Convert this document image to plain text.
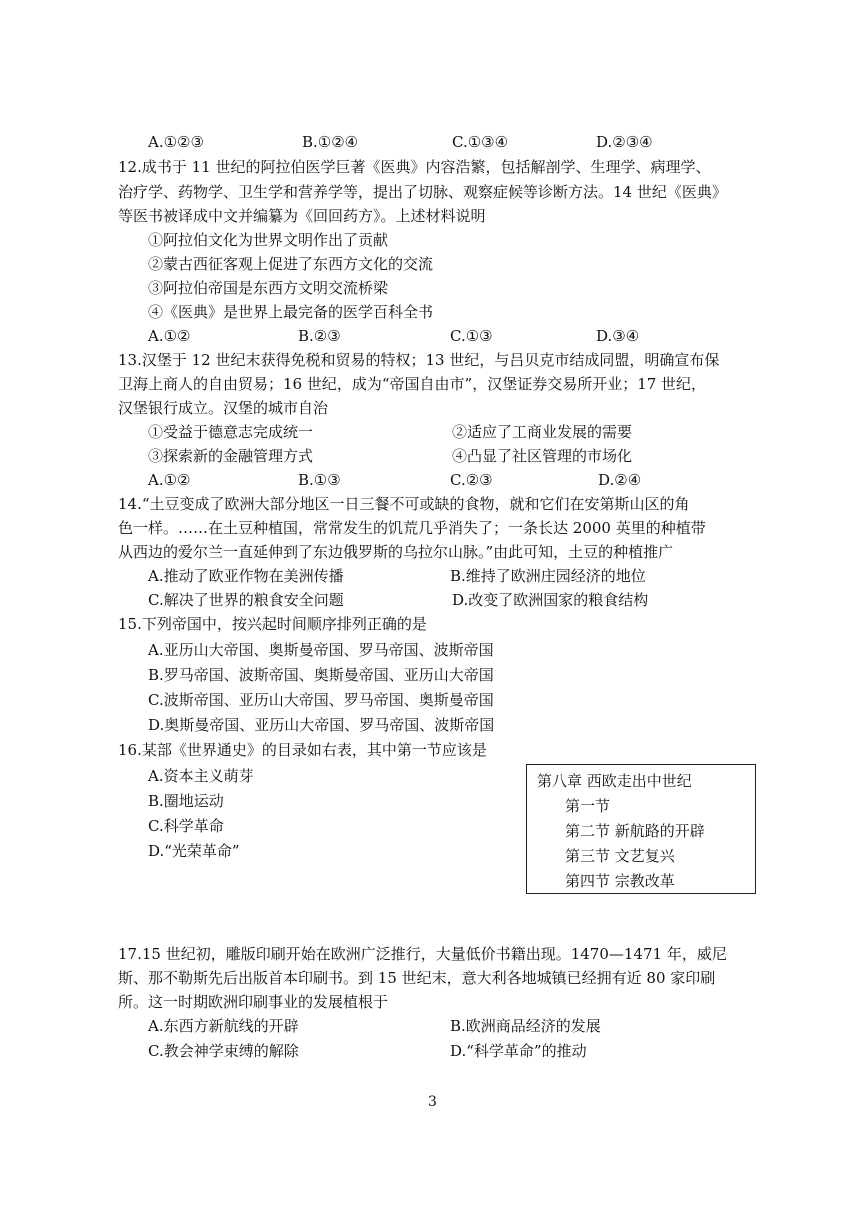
A.①②③	B.①②④	C.①③④	D.②③④
12.成书于 11 世纪的阿拉伯医学巨著《医典》内容浩繁，包括解剖学、生理学、病理学、
治疗学、药物学、卫生学和营养学等，提出了切脉、观察症候等诊断方法。14 世纪《医典》
等医书被译成中文并编纂为《回回药方》。上述材料说明
①阿拉伯文化为世界文明作出了贡献
②蒙古西征客观上促进了东西方文化的交流
③阿拉伯帝国是东西方文明交流桥梁
④《医典》是世界上最完备的医学百科全书
A.①②	B.②③	C.①③	D.③④
13.汉堡于 12 世纪末获得免税和贸易的特权；13 世纪，与吕贝克市结成同盟，明确宣布保
卫海上商人的自由贸易；16 世纪，成为“帝国自由市”，汉堡证券交易所开业；17 世纪，
汉堡银行成立。汉堡的城市自治
①受益于德意志完成统一	②适应了工商业发展的需要
③探索新的金融管理方式	④凸显了社区管理的市场化
A.①②	B.①③	C.②③	D.②④
14.“土豆变成了欧洲大部分地区一日三餐不可或缺的食物，就和它们在安第斯山区的角
色一样。……在土豆种植国，常常发生的饥荒几乎消失了；一条长达 2000 英里的种植带
从西边的爱尔兰一直延伸到了东边俄罗斯的乌拉尔山脉。”由此可知，土豆的种植推广
A.推动了欧亚作物在美洲传播	B.维持了欧洲庄园经济的地位
C.解决了世界的粮食安全问题	D.改变了欧洲国家的粮食结构
15.下列帝国中，按兴起时间顺序排列正确的是
A.亚历山大帝国、奥斯曼帝国、罗马帝国、波斯帝国
B.罗马帝国、波斯帝国、奥斯曼帝国、亚历山大帝国
C.波斯帝国、亚历山大帝国、罗马帝国、奥斯曼帝国
D.奥斯曼帝国、亚历山大帝国、罗马帝国、波斯帝国
16.某部《世界通史》的目录如右表，其中第一节应该是
A.资本主义萌芽
B.圈地运动
C.科学革命
D.“光荣革命”
第八章 西欧走出中世纪
第一节
第二节 新航路的开辟
第三节 文艺复兴
第四节 宗教改革
17.15 世纪初，雕版印刷开始在欧洲广泛推行，大量低价书籍出现。1470—1471 年，威尼
斯、那不勒斯先后出版首本印刷书。到 15 世纪末，意大利各地城镇已经拥有近 80 家印刷
所。这一时期欧洲印刷事业的发展植根于
A.东西方新航线的开辟	B.欧洲商品经济的发展
C.教会神学束缚的解除	D.“科学革命”的推动
3
